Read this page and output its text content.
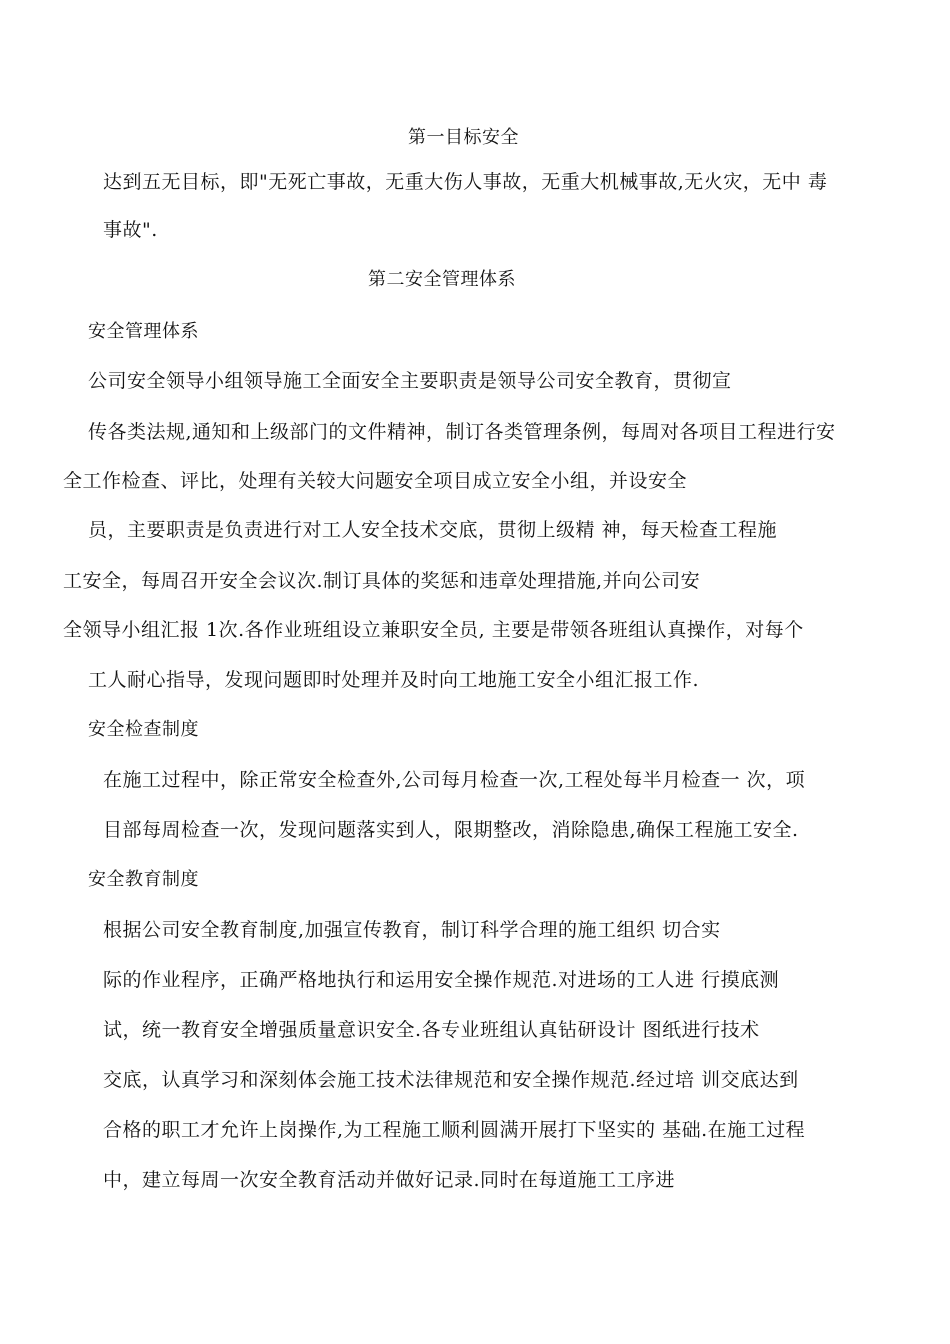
第一目标安全
达到五无目标，即"无死亡事故，无重大伤人事故，无重大机械事故,无火灾，无中 毒
事故".
第二安全管理体系
安全管理体系
公司安全领导小组领导施工全面安全主要职责是领导公司安全教育，贯彻宣
传各类法规,通知和上级部门的文件精神，制订各类管理条例，每周对各项目工程进行安
全工作检查、评比，处理有关较大问题安全项目成立安全小组，并设安全
员，主要职责是负责进行对工人安全技术交底，贯彻上级精 神，每天检查工程施
工安全，每周召开安全会议次.制订具体的奖惩和违章处理措施,并向公司安
全领导小组汇报 1次.各作业班组设立兼职安全员, 主要是带领各班组认真操作，对每个
工人耐心指导，发现问题即时处理并及时向工地施工安全小组汇报工作.
安全检查制度
在施工过程中，除正常安全检查外,公司每月检查一次,工程处每半月检查一 次，项
目部每周检查一次，发现问题落实到人，限期整改，消除隐患,确保工程施工安全.
安全教育制度
根据公司安全教育制度,加强宣传教育，制订科学合理的施工组织 切合实
际的作业程序，正确严格地执行和运用安全操作规范.对进场的工人进 行摸底测
试，统一教育安全增强质量意识安全.各专业班组认真钻研设计 图纸进行技术
交底，认真学习和深刻体会施工技术法律规范和安全操作规范.经过培 训交底达到
合格的职工才允许上岗操作,为工程施工顺利圆满开展打下坚实的 基础.在施工过程
中，建立每周一次安全教育活动并做好记录.同时在每道施工工序进
